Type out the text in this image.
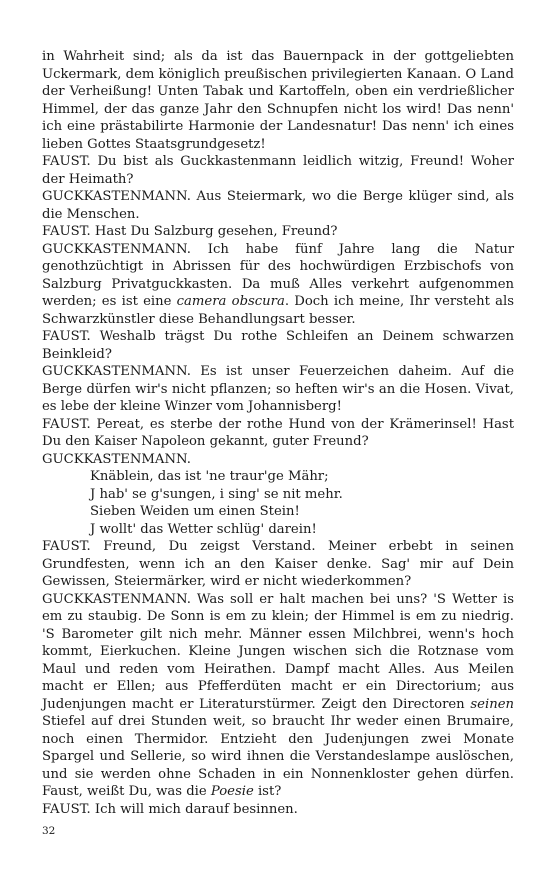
in Wahrheit sind; als da ist das Bauernpack in der gottgeliebten Uckermark, dem königlich preußischen privilegierten Kanaan. O Land der Verheißung! Unten Tabak und Kartoffeln, oben ein verdrießlicher Himmel, der das ganze Jahr den Schnupfen nicht los wird! Das nenn' ich eine prästabilirte Harmonie der Landesnatur! Das nenn' ich eines lieben Gottes Staatsgrundgesetz!

FAUST. Du bist als Guckkastenmann leidlich witzig, Freund! Woher der Heimath?

GUCKKASTENMANN. Aus Steiermark, wo die Berge klüger sind, als die Menschen.

FAUST. Hast Du Salzburg gesehen, Freund?

GUCKKASTENMANN. Ich habe fünf Jahre lang die Natur genothzüchtigt in Abrissen für des hochwürdigen Erzbischofs von Salzburg Privatguckkasten. Da muß Alles verkehrt aufgenommen werden; es ist eine camera obscura. Doch ich meine, Ihr versteht als Schwarzkünstler diese Behandlungsart besser.

FAUST. Weshalb trägst Du rothe Schleifen an Deinem schwarzen Beinkleid?

GUCKKASTENMANN. Es ist unser Feuerzeichen daheim. Auf die Berge dürfen wir's nicht pflanzen; so heften wir's an die Hosen. Vivat, es lebe der kleine Winzer vom Johannisberg!

FAUST. Pereat, es sterbe der rothe Hund von der Krämerinsel! Hast Du den Kaiser Napoleon gekannt, guter Freund?

GUCKKASTENMANN.

Knäblein, das ist 'ne traur'ge Mähr;

J hab' se g'sungen, i sing' se nit mehr.

Sieben Weiden um einen Stein!

J wollt' das Wetter schlüg' darein!

FAUST. Freund, Du zeigst Verstand. Meiner erbebt in seinen Grundfesten, wenn ich an den Kaiser denke. Sag' mir auf Dein Gewissen, Steiermärker, wird er nicht wiederkommen?

GUCKKASTENMANN. Was soll er halt machen bei uns? 'S Wetter is em zu staubig. De Sonn is em zu klein; der Himmel is em zu niedrig. 'S Barometer gilt nich mehr. Männer essen Milchbrei, wenn's hoch kommt, Eierkuchen. Kleine Jungen wischen sich die Rotznase vom Maul und reden vom Heirathen. Dampf macht Alles. Aus Meilen macht er Ellen; aus Pfefferdüten macht er ein Directorium; aus Judenjungen macht er Literaturstürmer. Zeigt den Directoren seinen Stiefel auf drei Stunden weit, so braucht Ihr weder einen Brumaire, noch einen Thermidor. Entzieht den Judenjungen zwei Monate Spargel und Sellerie, so wird ihnen die Verstandeslampe auslöschen, und sie werden ohne Schaden in ein Nonnenkloster gehen dürfen. Faust, weißt Du, was die Poesie ist?

FAUST. Ich will mich darauf besinnen.

32
